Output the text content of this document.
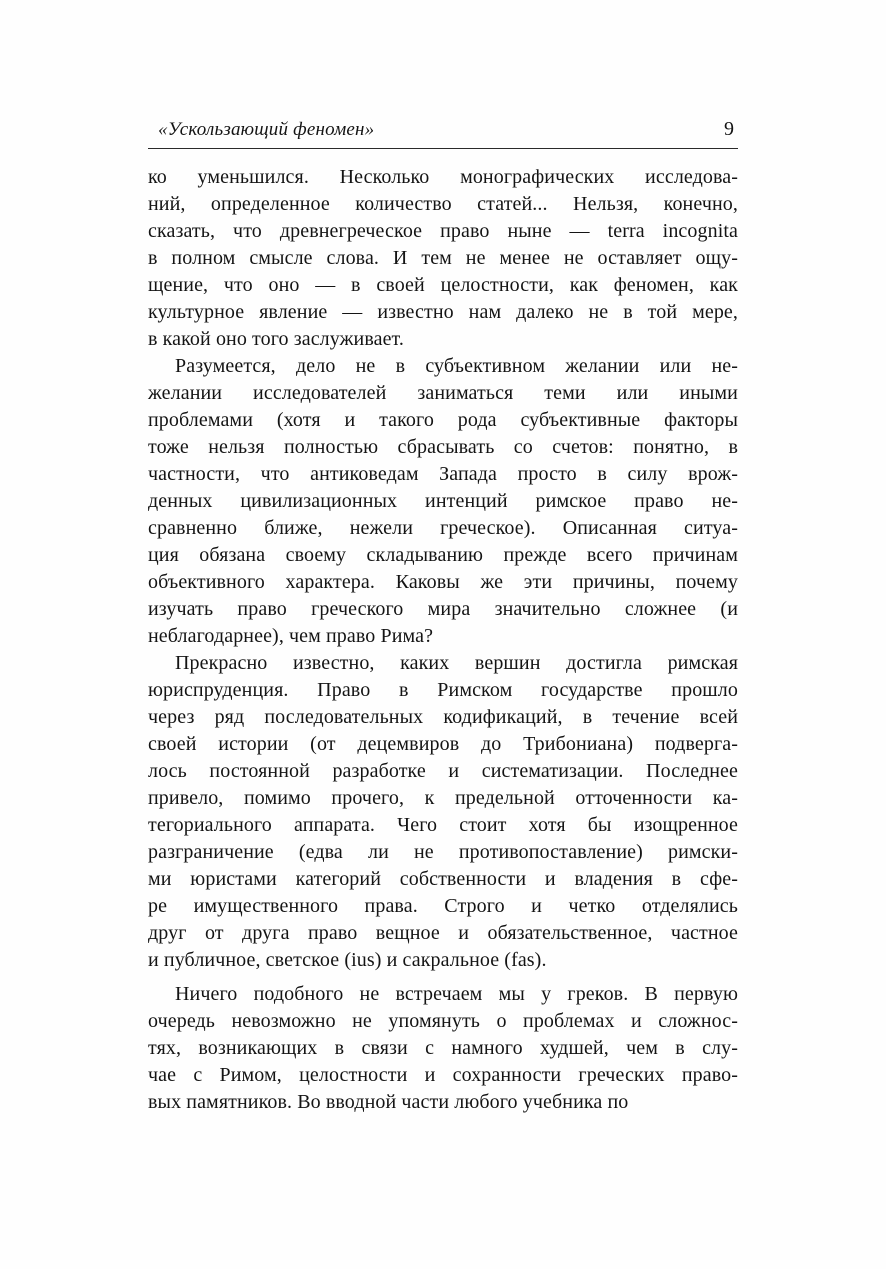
«Ускользающий феномен»	9
ко уменьшился. Несколько монографических исследова-
ний, определенное количество статей... Нельзя, конечно,
сказать, что древнегреческое право ныне — terra incognita
в полном смысле слова. И тем не менее не оставляет ощу-
щение, что оно — в своей целостности, как феномен, как
культурное явление — известно нам далеко не в той мере,
в какой оно того заслуживает.
Разумеется, дело не в субъективном желании или не-
желании исследователей заниматься теми или иными
проблемами (хотя и такого рода субъективные факторы
тоже нельзя полностью сбрасывать со счетов: понятно, в
частности, что антиковедам Запада просто в силу врож-
денных цивилизационных интенций римское право не-
сравненно ближе, нежели греческое). Описанная ситуа-
ция обязана своему складыванию прежде всего причинам
объективного характера. Каковы же эти причины, почему
изучать право греческого мира значительно сложнее (и
неблагодарнее), чем право Рима?
Прекрасно известно, каких вершин достигла римская
юриспруденция. Право в Римском государстве прошло
через ряд последовательных кодификаций, в течение всей
своей истории (от децемвиров до Трибониана) подверга-
лось постоянной разработке и систематизации. Последнее
привело, помимо прочего, к предельной отточенности ка-
тегориального аппарата. Чего стоит хотя бы изощренное
разграничение (едва ли не противопоставление) римски-
ми юристами категорий собственности и владения в сфе-
ре имущественного права. Строго и четко отделялись
друг от друга право вещное и обязательственное, частное
и публичное, светское (ius) и сакральное (fas).
Ничего подобного не встречаем мы у греков. В первую
очередь невозможно не упомянуть о проблемах и сложнос-
тях, возникающих в связи с намного худшей, чем в слу-
чае с Римом, целостности и сохранности греческих право-
вых памятников. Во вводной части любого учебника по
